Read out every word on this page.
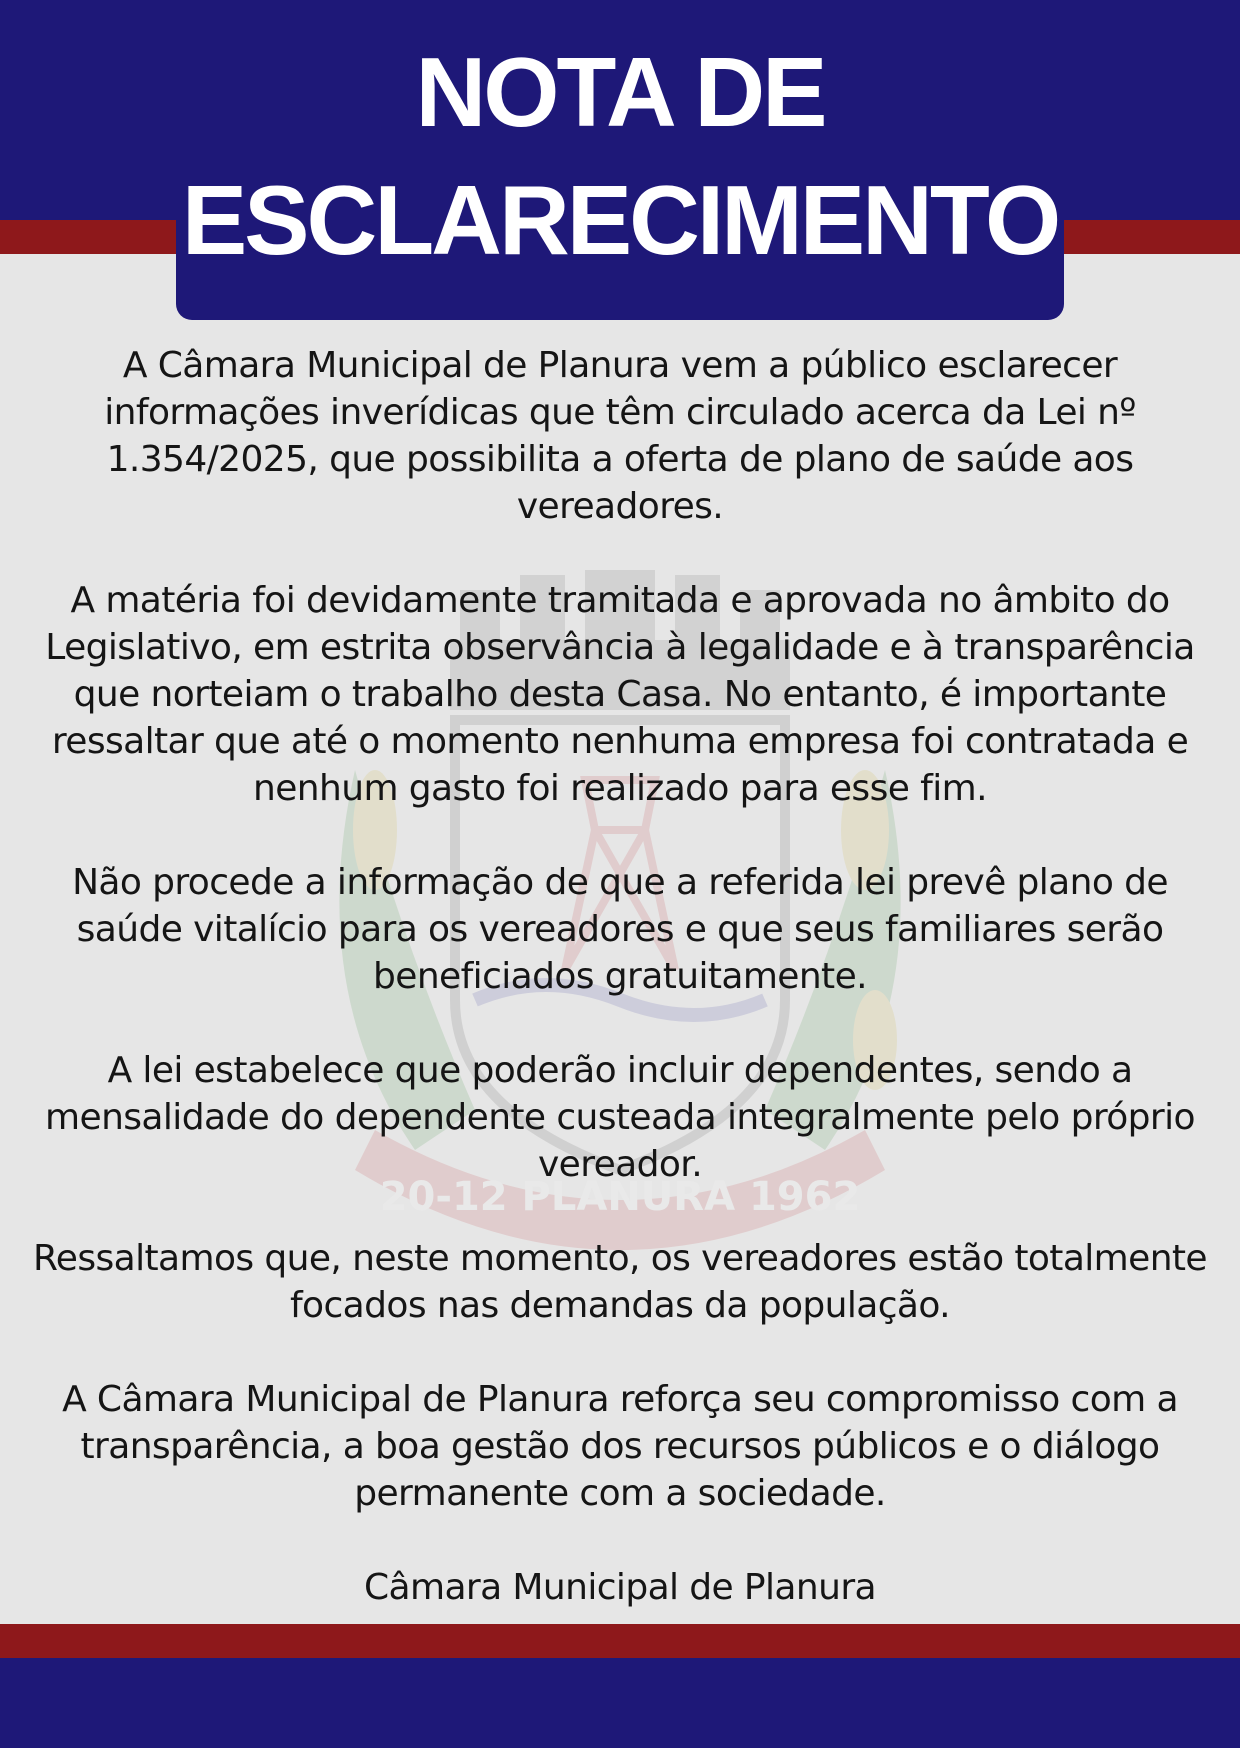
20-12 PLANURA 1962
NOTA DE
ESCLARECIMENTO

A Câmara Municipal de Planura vem a público esclarecer informações inverídicas que têm circulado acerca da Lei nº 1.354/2025, que possibilita a oferta de plano de saúde aos vereadores.

A matéria foi devidamente tramitada e aprovada no âmbito do Legislativo, em estrita observância à legalidade e à transparência que norteiam o trabalho desta Casa. No entanto, é importante ressaltar que até o momento nenhuma empresa foi contratada e nenhum gasto foi realizado para esse fim.

Não procede a informação de que a referida lei prevê plano de saúde vitalício para os vereadores e que seus familiares serão beneficiados gratuitamente.

A lei estabelece que poderão incluir dependentes, sendo a mensalidade do dependente custeada integralmente pelo próprio vereador.

Ressaltamos que, neste momento, os vereadores estão totalmente focados nas demandas da população.

A Câmara Municipal de Planura reforça seu compromisso com a transparência, a boa gestão dos recursos públicos e o diálogo permanente com a sociedade.

Câmara Municipal de Planura
